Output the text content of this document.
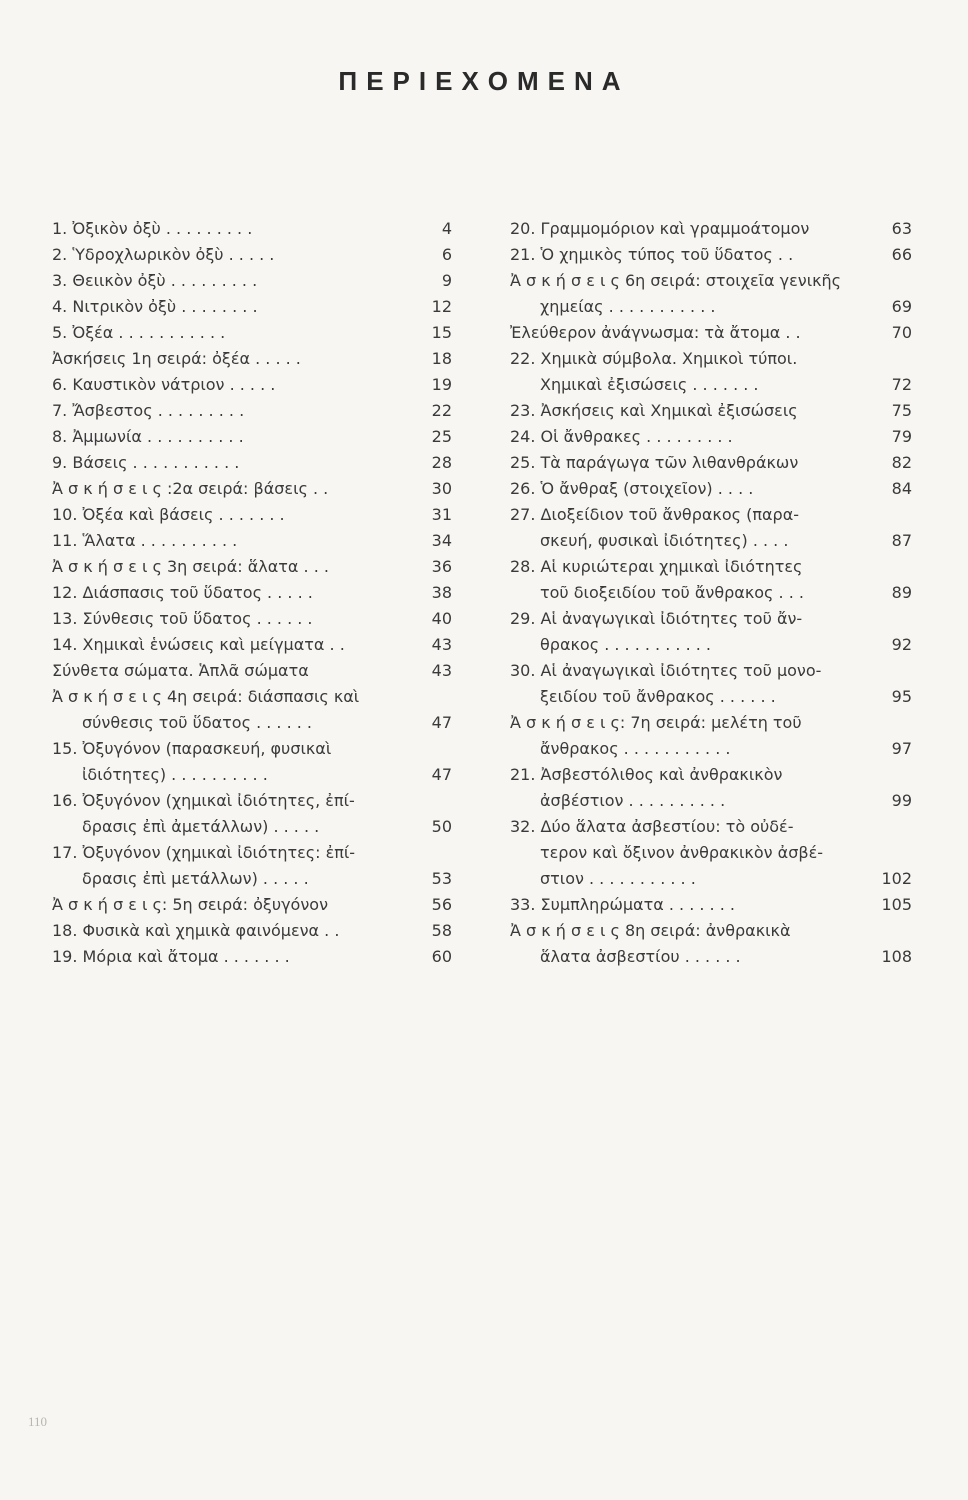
ΠΕΡΙΕΧΟΜΕΝΑ
1. Ὀξικὸν ὀξὺ . . . . . . . . .	4
2. Ὑδροχλωρικὸν ὀξὺ . . . . .	6
3. Θειικὸν ὀξὺ . . . . . . . . .	9
4. Νιτρικὸν ὀξὺ . . . . . . . .	12
5. Ὀξέα . . . . . . . . . . .	15
Ἀσκήσεις 1η σειρά: ὀξέα . . . . .	18
6. Καυστικὸν νάτριον . . . . .	19
7. Ἄσβεστος . . . . . . . . .	22
8. Ἀμμωνία . . . . . . . . . .	25
9. Βάσεις . . . . . . . . . . .	28
Ἀ σ κ ή σ ε ι ς :2α σειρά: βάσεις . .	30
10. Ὀξέα καὶ βάσεις . . . . . . .	31
11. Ἅλατα . . . . . . . . . .	34
Ἀ σ κ ή σ ε ι ς 3η σειρά: ἅλατα . . .	36
12. Διάσπασις τοῦ ὕδατος . . . . .	38
13. Σύνθεσις τοῦ ὕδατος . . . . . .	40
14. Χημικαὶ ἑνώσεις καὶ μείγματα . .	43
Σύνθετα σώματα. Ἁπλᾶ σώματα	43
Ἀ σ κ ή σ ε ι ς 4η σειρά: διάσπασις καὶ
σύνθεσις τοῦ ὕδατος . . . . . .	47
15. Ὀξυγόνον (παρασκευή, φυσικαὶ
ἰδιότητες) . . . . . . . . . .	47
16. Ὀξυγόνον (χημικαὶ ἰδιότητες, ἐπί-
δρασις ἐπὶ ἀμετάλλων) . . . . .	50
17. Ὀξυγόνον (χημικαὶ ἰδιότητες: ἐπί-
δρασις ἐπὶ μετάλλων) . . . . .	53
Ἀ σ κ ή σ ε ι ς: 5η σειρά: ὀξυγόνον	56
18. Φυσικὰ καὶ χημικὰ φαινόμενα . .	58
19. Μόρια καὶ ἄτομα . . . . . . .	60
20. Γραμμομόριον καὶ γραμμοάτομον	63
21. Ὁ χημικὸς τύπος τοῦ ὕδατος . .	66
Ἀ σ κ ή σ ε ι ς 6η σειρά: στοιχεῖα γενικῆς
χημείας . . . . . . . . . . .	69
Ἐλεύθερον ἀνάγνωσμα: τὰ ἄτομα . .	70
22. Χημικὰ σύμβολα. Χημικοὶ τύποι.
Χημικαὶ ἐξισώσεις . . . . . . .	72
23. Ἀσκήσεις καὶ Χημικαὶ ἐξισώσεις	75
24. Οἱ ἄνθρακες . . . . . . . . .	79
25. Τὰ παράγωγα τῶν λιθανθράκων	82
26. Ὁ ἄνθραξ (στοιχεῖον) . . . .	84
27. Διοξείδιον τοῦ ἄνθρακος (παρα-
σκευή, φυσικαὶ ἰδιότητες) . . . .	87
28. Αἱ κυριώτεραι χημικαὶ ἰδιότητες
τοῦ διοξειδίου τοῦ ἄνθρακος . . .	89
29. Αἱ ἀναγωγικαὶ ἰδιότητες τοῦ ἄν-
θρακος . . . . . . . . . . .	92
30. Αἱ ἀναγωγικαὶ ἰδιότητες τοῦ μονο-
ξειδίου τοῦ ἄνθρακος . . . . . .	95
Ἀ σ κ ή σ ε ι ς: 7η σειρά: μελέτη τοῦ
ἄνθρακος . . . . . . . . . . .	97
21. Ἀσβεστόλιθος καὶ ἀνθρακικὸν
ἀσβέστιον . . . . . . . . . .	99
32. Δύο ἅλατα ἀσβεστίου: τὸ οὐδέ-
τερον καὶ ὄξινον ἀνθρακικὸν ἀσβέ-
στιον . . . . . . . . . . .	102
33. Συμπληρώματα . . . . . . .	105
Ἀ σ κ ή σ ε ι ς 8η σειρά: ἀνθρακικὰ
ἅλατα ἀσβεστίου . . . . . .	108
110
